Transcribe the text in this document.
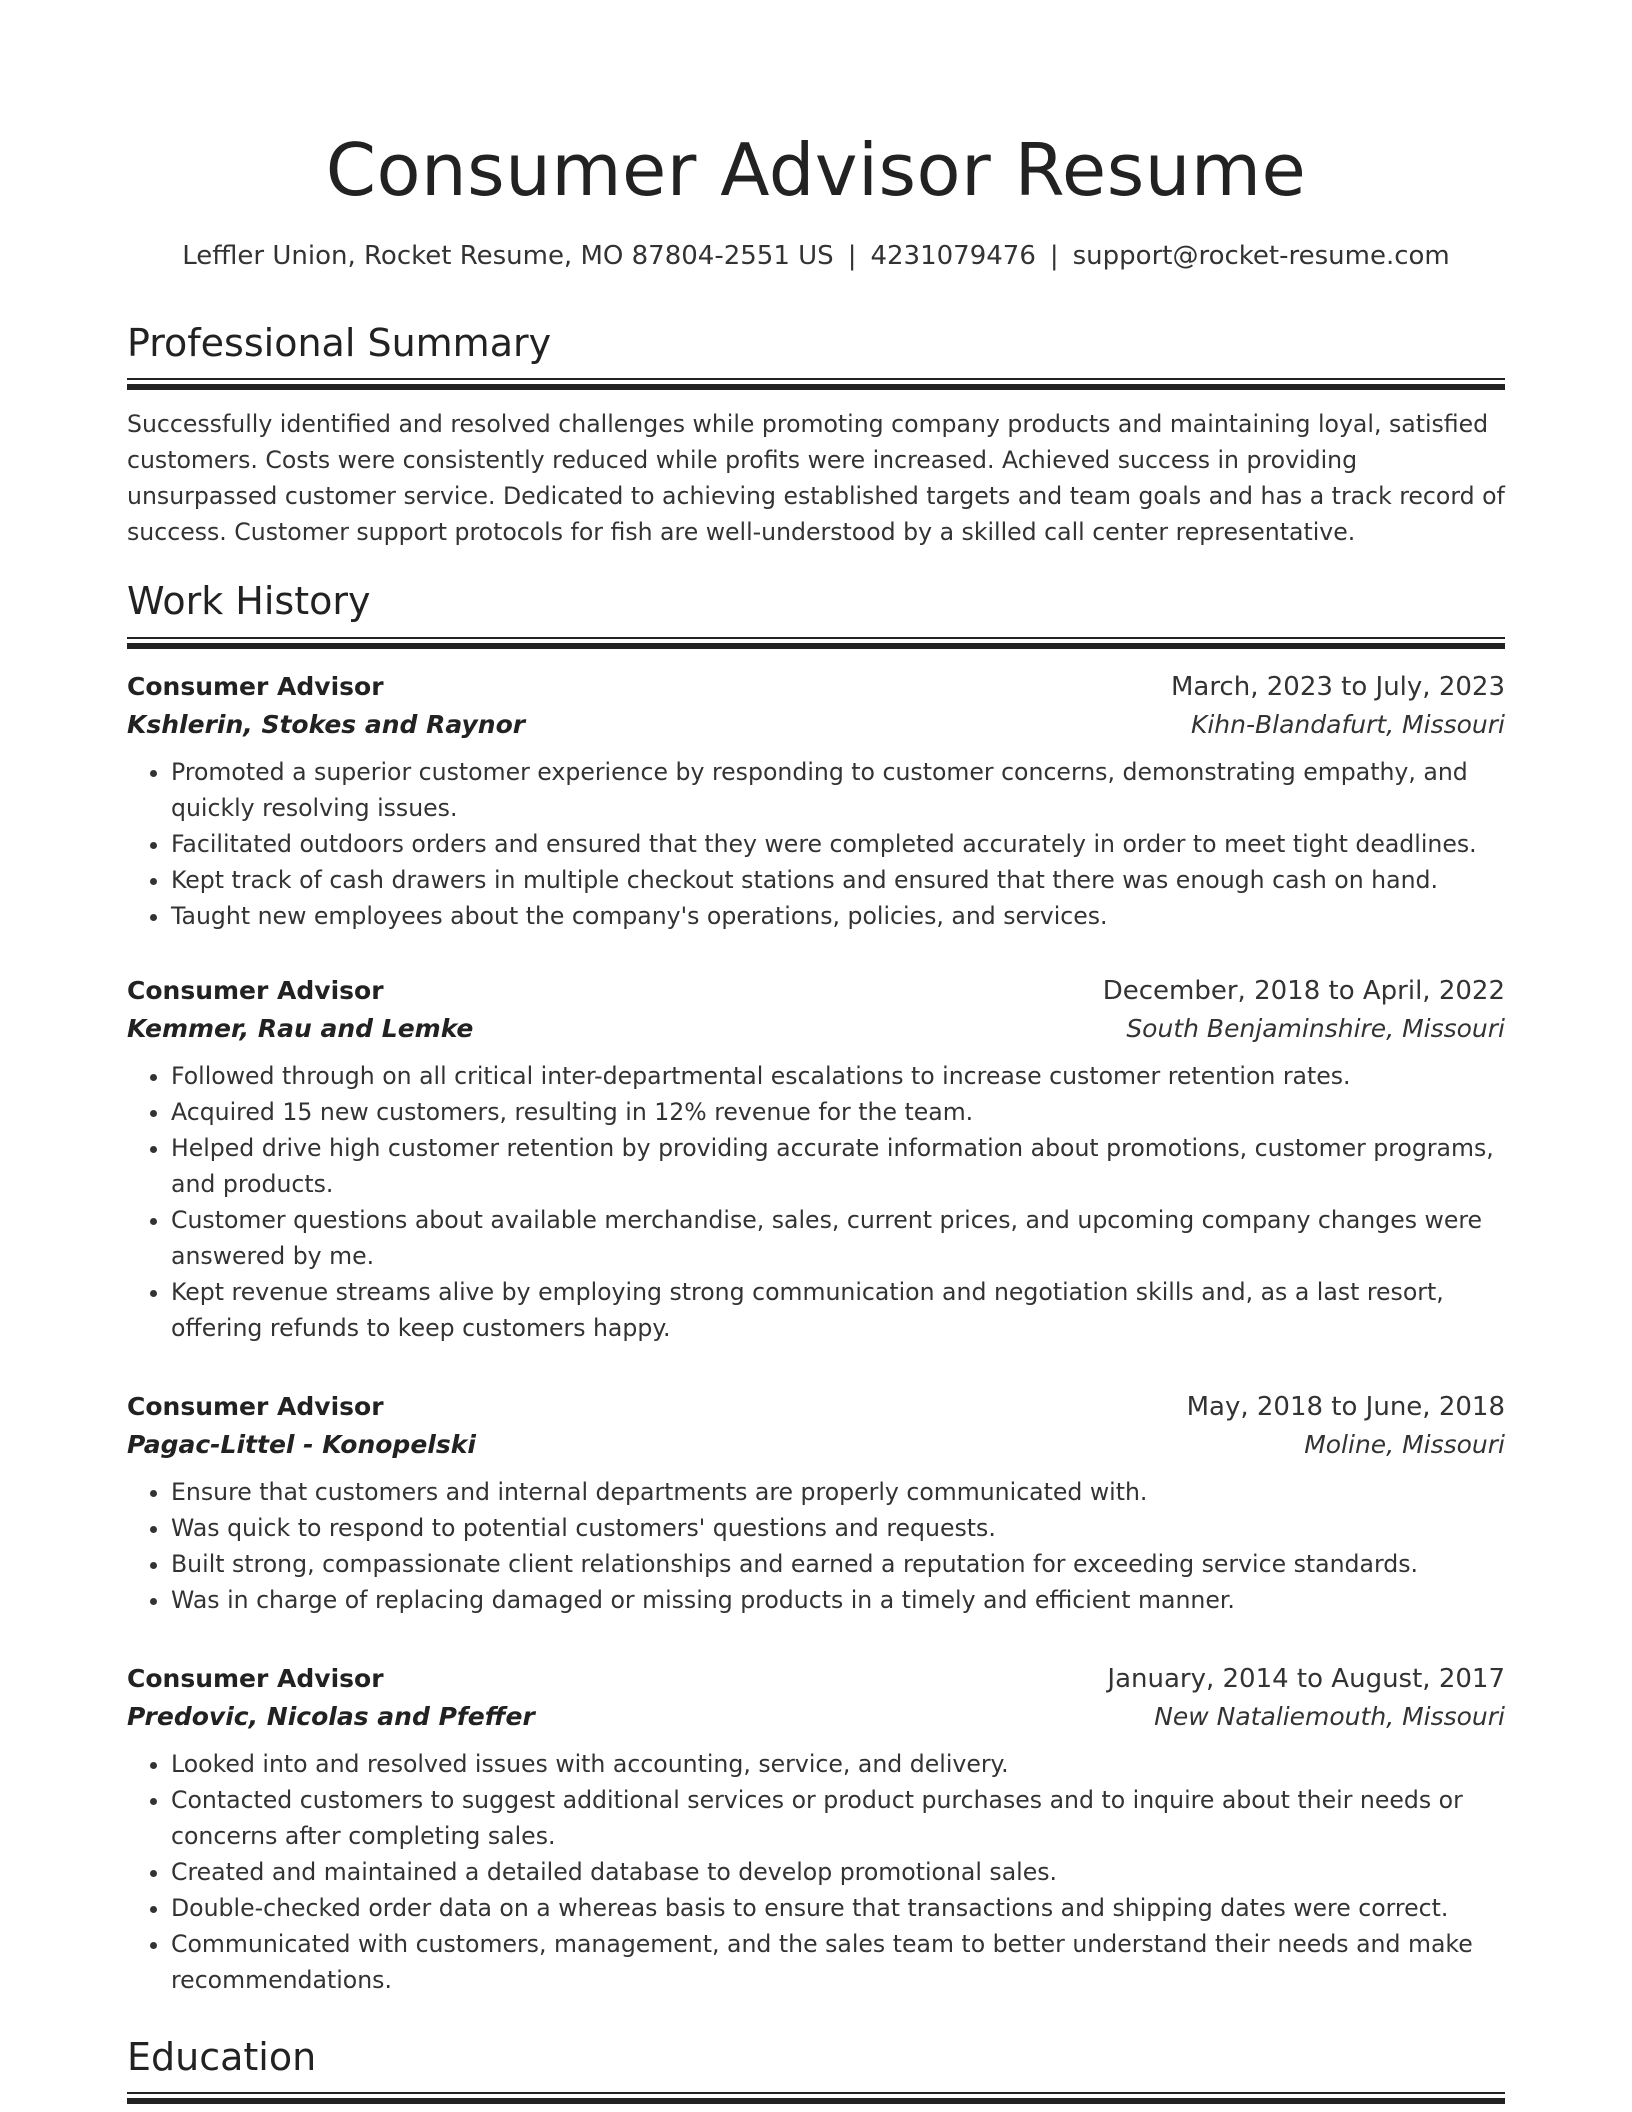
Consumer Advisor Resume
Leffler Union, Rocket Resume, MO 87804-2551 US | 4231079476 | support@rocket-resume.com
Professional Summary
Successfully identified and resolved challenges while promoting company products and maintaining loyal, satisfied customers. Costs were consistently reduced while profits were increased. Achieved success in providing unsurpassed customer service. Dedicated to achieving established targets and team goals and has a track record of success. Customer support protocols for fish are well-understood by a skilled call center representative.
Work History
Consumer Advisor	March, 2023 to July, 2023
Kshlerin, Stokes and Raynor	Kihn-Blandafurt, Missouri
• Promoted a superior customer experience by responding to customer concerns, demonstrating empathy, and quickly resolving issues.
• Facilitated outdoors orders and ensured that they were completed accurately in order to meet tight deadlines.
• Kept track of cash drawers in multiple checkout stations and ensured that there was enough cash on hand.
• Taught new employees about the company's operations, policies, and services.
Consumer Advisor	December, 2018 to April, 2022
Kemmer, Rau and Lemke	South Benjaminshire, Missouri
• Followed through on all critical inter-departmental escalations to increase customer retention rates.
• Acquired 15 new customers, resulting in 12% revenue for the team.
• Helped drive high customer retention by providing accurate information about promotions, customer programs, and products.
• Customer questions about available merchandise, sales, current prices, and upcoming company changes were answered by me.
• Kept revenue streams alive by employing strong communication and negotiation skills and, as a last resort, offering refunds to keep customers happy.
Consumer Advisor	May, 2018 to June, 2018
Pagac-Littel - Konopelski	Moline, Missouri
• Ensure that customers and internal departments are properly communicated with.
• Was quick to respond to potential customers' questions and requests.
• Built strong, compassionate client relationships and earned a reputation for exceeding service standards.
• Was in charge of replacing damaged or missing products in a timely and efficient manner.
Consumer Advisor	January, 2014 to August, 2017
Predovic, Nicolas and Pfeffer	New Nataliemouth, Missouri
• Looked into and resolved issues with accounting, service, and delivery.
• Contacted customers to suggest additional services or product purchases and to inquire about their needs or concerns after completing sales.
• Created and maintained a detailed database to develop promotional sales.
• Double-checked order data on a whereas basis to ensure that transactions and shipping dates were correct.
• Communicated with customers, management, and the sales team to better understand their needs and make recommendations.
Education
